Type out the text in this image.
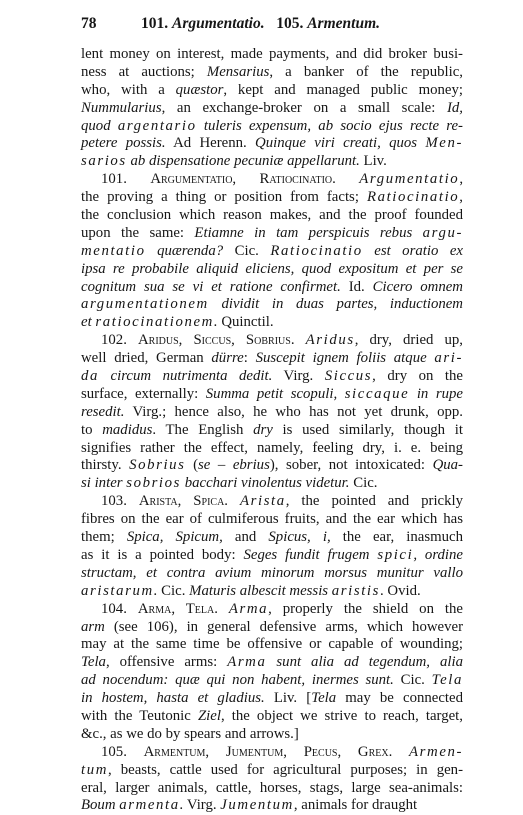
78	101. Argumentatio. 105. Armentum.
lent money on interest, made payments, and did broker busi-
ness at auctions; Mensarius, a banker of the republic,
who, with a quæstor, kept and managed public money;
Nummularius, an exchange-broker on a small scale: Id,
quod argentario tuleris expensum, ab socio ejus recte re-
petere possis. Ad Herenn. Quinque viri creati, quos Men-
sarios ab dispensatione pecuniæ appellarunt. Liv.
101. Argumentatio, Ratiocinatio. Argumentatio,
the proving a thing or position from facts; Ratiocinatio,
the conclusion which reason makes, and the proof founded
upon the same: Etiamne in tam perspicuis rebus argu-
mentatio quærenda? Cic. Ratiocinatio est oratio ex
ipsa re probabile aliquid eliciens, quod expositum et per se
cognitum sua se vi et ratione confirmet. Id. Cicero omnem
argumentationem dividit in duas partes, inductionem
et ratiocinationem. Quinctil.
102. Aridus, Siccus, Sobrius. Aridus, dry, dried up,
well dried, German dürre: Suscepit ignem foliis atque ari-
da circum nutrimenta dedit. Virg. Siccus, dry on the
surface, externally: Summa petit scopuli, siccaque in rupe
resedit. Virg.; hence also, he who has not yet drunk, opp.
to madidus. The English dry is used similarly, though it
signifies rather the effect, namely, feeling dry, i. e. being
thirsty. Sobrius (se – ebrius), sober, not intoxicated: Qua-
si inter sobrios bacchari vinolentus videtur. Cic.
103. Arista, Spica. Arista, the pointed and prickly
fibres on the ear of culmiferous fruits, and the ear which has
them; Spica, Spicum, and Spicus, i, the ear, inasmuch
as it is a pointed body: Seges fundit frugem spici, ordine
structam, et contra avium minorum morsus munitur vallo
aristarum. Cic. Maturis albescit messis aristis. Ovid.
104. Arma, Tela. Arma, properly the shield on the
arm (see 106), in general defensive arms, which however
may at the same time be offensive or capable of wounding;
Tela, offensive arms: Arma sunt alia ad tegendum, alia
ad nocendum: quæ qui non habent, inermes sunt. Cic. Tela
in hostem, hasta et gladius. Liv. [Tela may be connected
with the Teutonic Ziel, the object we strive to reach, target,
&c., as we do by spears and arrows.]
105. Armentum, Jumentum, Pecus, Grex. Armen-
tum, beasts, cattle used for agricultural purposes; in gen-
eral, larger animals, cattle, horses, stags, large sea-animals:
Boum armenta. Virg. Jumentum, animals for draught
